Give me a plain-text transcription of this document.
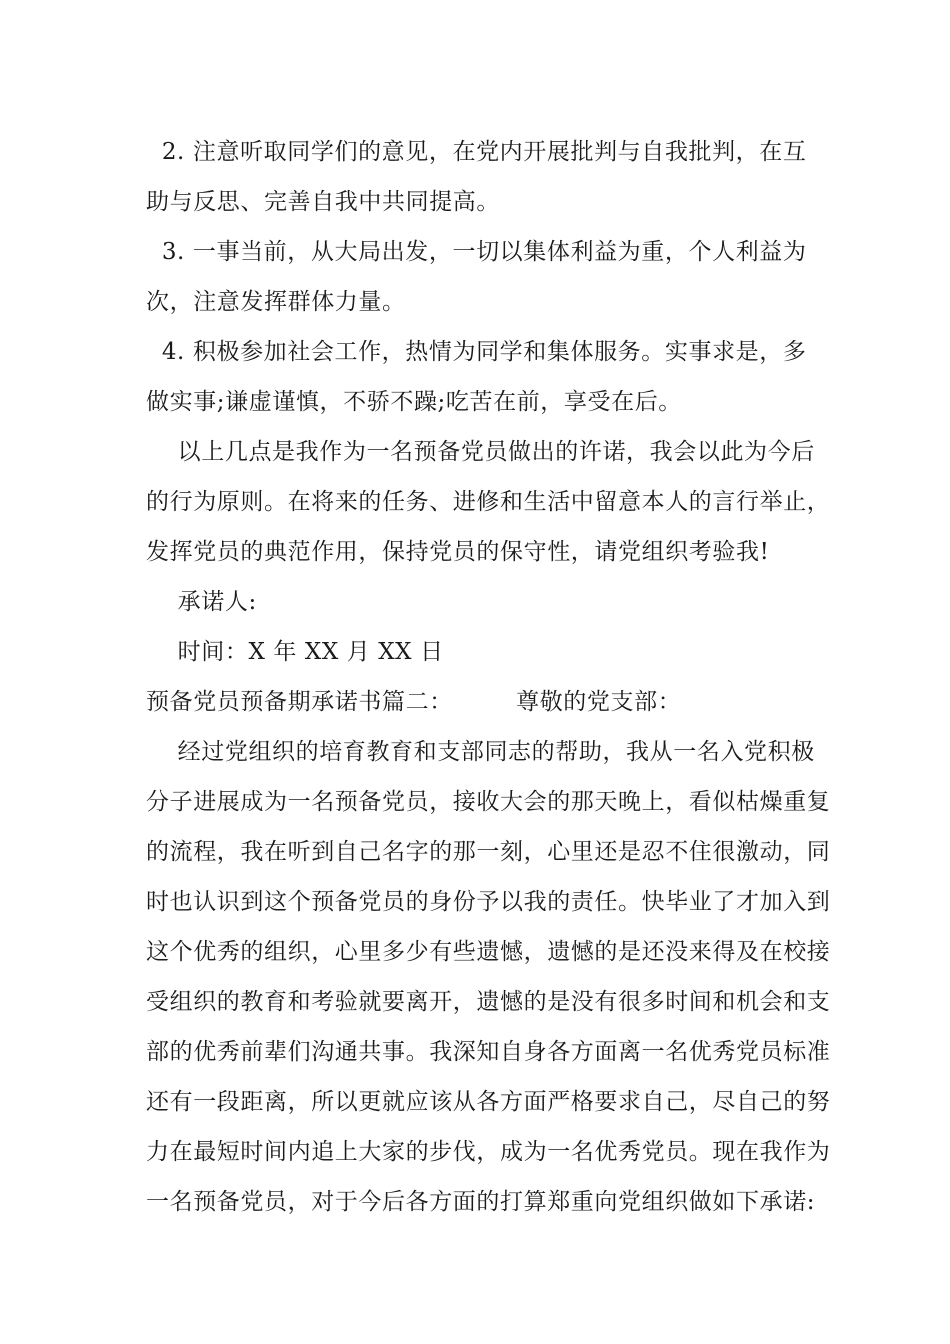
2. 注意听取同学们的意见，在党内开展批判与自我批判，在互
助与反思、完善自我中共同提高。
3. 一事当前，从大局出发，一切以集体利益为重，个人利益为
次，注意发挥群体力量。
4. 积极参加社会工作，热情为同学和集体服务。实事求是，多
做实事;谦虚谨慎，不骄不躁;吃苦在前，享受在后。
以上几点是我作为一名预备党员做出的许诺，我会以此为今后
的行为原则。在将来的任务、进修和生活中留意本人的言行举止，
发挥党员的典范作用，保持党员的保守性，请党组织考验我!
承诺人:
时间：X 年 XX 月 XX 日
预备党员预备期承诺书篇二：        尊敬的党支部：
经过党组织的培育教育和支部同志的帮助，我从一名入党积极
分子进展成为一名预备党员，接收大会的那天晚上，看似枯燥重复
的流程，我在听到自己名字的那一刻，心里还是忍不住很激动，同
时也认识到这个预备党员的身份予以我的责任。快毕业了才加入到
这个优秀的组织，心里多少有些遗憾，遗憾的是还没来得及在校接
受组织的教育和考验就要离开，遗憾的是没有很多时间和机会和支
部的优秀前辈们沟通共事。我深知自身各方面离一名优秀党员标准
还有一段距离，所以更就应该从各方面严格要求自己，尽自己的努
力在最短时间内追上大家的步伐，成为一名优秀党员。现在我作为
一名预备党员，对于今后各方面的打算郑重向党组织做如下承诺:
